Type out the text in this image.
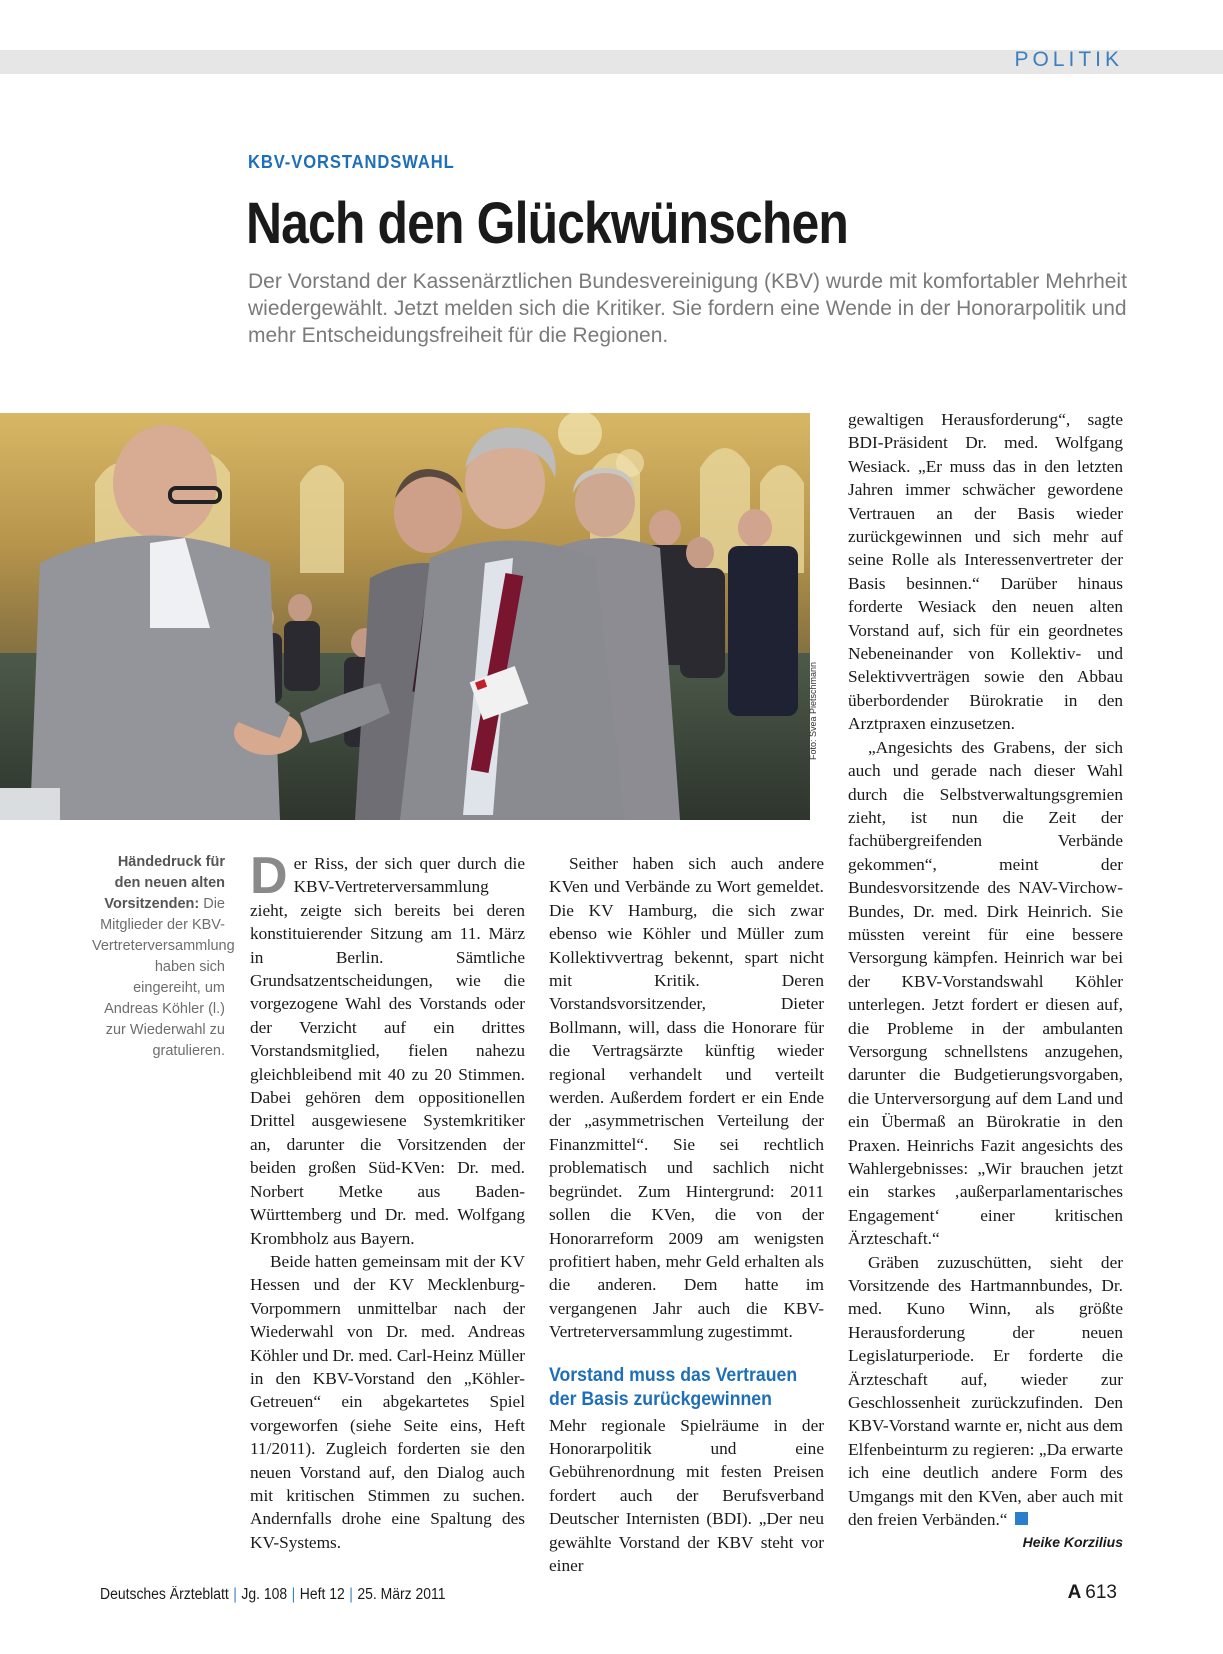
POLITIK
KBV-VORSTANDSWAHL
Nach den Glückwünschen

Der Vorstand der Kassenärztlichen Bundesvereinigung (KBV) wurde mit komfortabler Mehrheit wiedergewählt. Jetzt melden sich die Kritiker. Sie fordern eine Wende in der Honorarpolitik und mehr Entscheidungsfreiheit für die Regionen.

Foto: Svea Pietschmann
Händedruck für den neuen alten Vorsitzenden: Die Mitglieder der KBV-Vertreterversammlung haben sich eingereiht, um Andreas Köhler (l.) zur Wiederwahl zu gratulieren.

Der Riss, der sich quer durch die KBV-Vertreterversammlung zieht, zeigte sich bereits bei deren konstituierender Sitzung am 11. März in Berlin. Sämtliche Grundsatzentscheidungen, wie die vorgezogene Wahl des Vorstands oder der Verzicht auf ein drittes Vorstandsmitglied, fielen nahezu gleichbleibend mit 40 zu 20 Stimmen. Dabei gehören dem oppositionellen Drittel ausgewiesene Systemkritiker an, darunter die Vorsitzenden der beiden großen Süd-KVen: Dr. med. Norbert Metke aus Baden-Württemberg und Dr. med. Wolfgang Krombholz aus Bayern.

Beide hatten gemeinsam mit der KV Hessen und der KV Mecklenburg-Vorpommern unmittelbar nach der Wiederwahl von Dr. med. Andreas Köhler und Dr. med. Carl-Heinz Müller in den KBV-Vorstand den „Köhler-Getreuen“ ein abgekartetes Spiel vorgeworfen (siehe Seite eins, Heft 11/2011). Zugleich forderten sie den neuen Vorstand auf, den Dialog auch mit kritischen Stimmen zu suchen. Andernfalls drohe eine Spaltung des KV-Systems.

Seither haben sich auch andere KVen und Verbände zu Wort gemeldet. Die KV Hamburg, die sich zwar ebenso wie Köhler und Müller zum Kollektivvertrag bekennt, spart nicht mit Kritik. Deren Vorstandsvorsitzender, Dieter Bollmann, will, dass die Honorare für die Vertragsärzte künftig wieder regional verhandelt und verteilt werden. Außerdem fordert er ein Ende der „asymmetrischen Verteilung der Finanzmittel“. Sie sei rechtlich problematisch und sachlich nicht begründet. Zum Hintergrund: 2011 sollen die KVen, die von der Honorarreform 2009 am wenigsten profitiert haben, mehr Geld erhalten als die anderen. Dem hatte im vergangenen Jahr auch die KBV-Vertreterversammlung zugestimmt.

Vorstand muss das Vertrauen der Basis zurückgewinnen

Mehr regionale Spielräume in der Honorarpolitik und eine Gebührenordnung mit festen Preisen fordert auch der Berufsverband Deutscher Internisten (BDI). „Der neu gewählte Vorstand der KBV steht vor einer

gewaltigen Herausforderung“, sagte BDI-Präsident Dr. med. Wolfgang Wesiack. „Er muss das in den letzten Jahren immer schwächer gewordene Vertrauen an der Basis wieder zurückgewinnen und sich mehr auf seine Rolle als Interessenvertreter der Basis besinnen.“ Darüber hinaus forderte Wesiack den neuen alten Vorstand auf, sich für ein geordnetes Nebeneinander von Kollektiv- und Selektivverträgen sowie den Abbau überbordender Bürokratie in den Arztpraxen einzusetzen.

„Angesichts des Grabens, der sich auch und gerade nach dieser Wahl durch die Selbstverwaltungsgremien zieht, ist nun die Zeit der fachübergreifenden Verbände gekommen“, meint der Bundesvorsitzende des NAV-Virchow-Bundes, Dr. med. Dirk Heinrich. Sie müssten vereint für eine bessere Versorgung kämpfen. Heinrich war bei der KBV-Vorstandswahl Köhler unterlegen. Jetzt fordert er diesen auf, die Probleme in der ambulanten Versorgung schnellstens anzugehen, darunter die Budgetierungsvorgaben, die Unterversorgung auf dem Land und ein Übermaß an Bürokratie in den Praxen. Heinrichs Fazit angesichts des Wahlergebnisses: „Wir brauchen jetzt ein starkes ‚außerparlamentarisches Engagement‘ einer kritischen Ärzteschaft.“

Gräben zuzuschütten, sieht der Vorsitzende des Hartmannbundes, Dr. med. Kuno Winn, als größte Herausforderung der neuen Legislaturperiode. Er forderte die Ärzteschaft auf, wieder zur Geschlossenheit zurückzufinden. Den KBV-Vorstand warnte er, nicht aus dem Elfenbeinturm zu regieren: „Da erwarte ich eine deutlich andere Form des Umgangs mit den KVen, aber auch mit den freien Verbänden.“

Heike Korzilius
Deutsches Ärzteblatt | Jg. 108 | Heft 12 | 25. März 2011	A 613
